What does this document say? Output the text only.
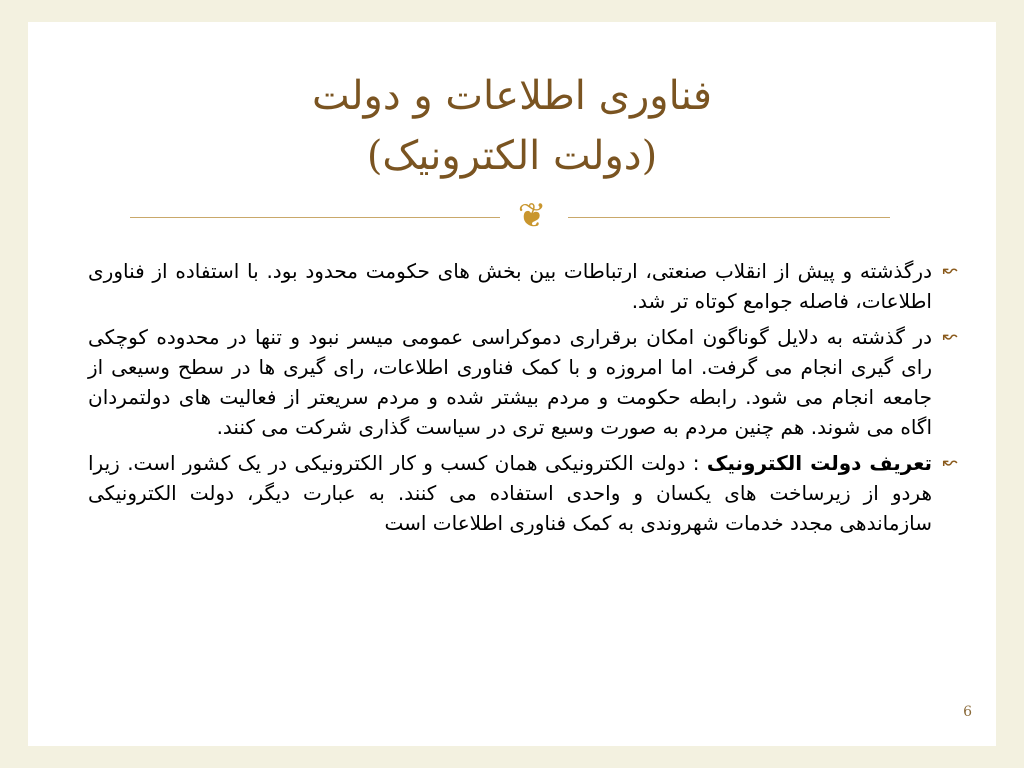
فناوری اطلاعات و دولت
(دولت الکترونیک)
❦
↜
درگذشته و پیش از انقلاب صنعتی، ارتباطات بین بخش های حکومت محدود بود. با استفاده از فناوری اطلاعات، فاصله جوامع کوتاه تر شد.
↜
در گذشته به دلایل گوناگون امکان برقراری دموکراسی عمومی میسر نبود و تنها در محدوده کوچکی رای گیری انجام می گرفت. اما امروزه و با کمک فناوری اطلاعات، رای گیری ها در سطح وسیعی از جامعه انجام می شود. رابطه حکومت و مردم بیشتر شده و مردم سریعتر از فعالیت های دولتمردان اگاه می شوند. هم چنین مردم به صورت وسیع تری در سیاست گذاری شرکت می کنند.
↜
تعریف دولت الکترونیک : دولت الکترونیکی همان کسب و کار الکترونیکی در یک کشور است. زیرا هردو از زیرساخت های یکسان و واحدی استفاده می کنند. به عبارت دیگر، دولت الکترونیکی سازماندهی مجدد خدمات شهروندی به کمک فناوری اطلاعات است
6
